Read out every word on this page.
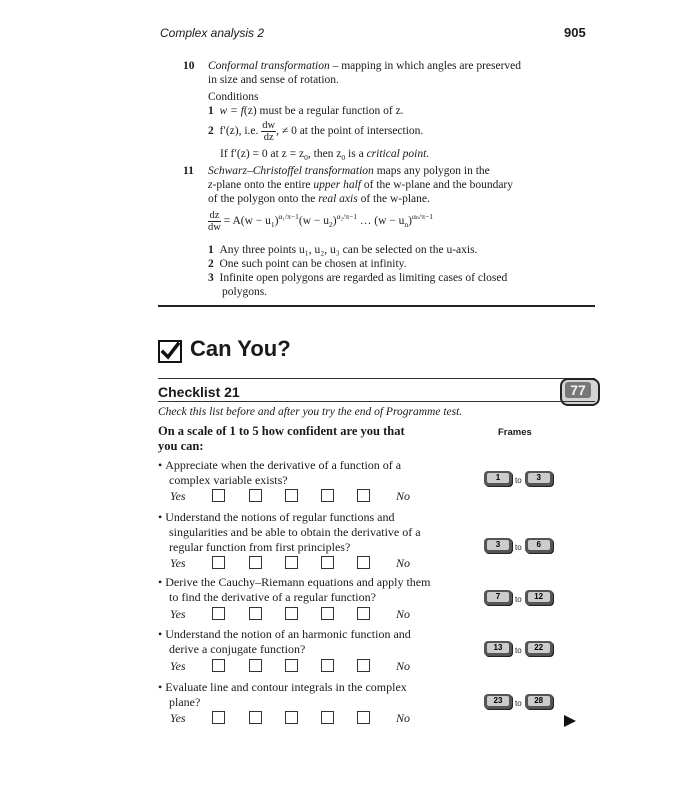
Complex analysis 2	905
10 Conformal transformation – mapping in which angles are preserved
in size and sense of rotation.
Conditions
1 w = f(z) must be a regular function of z.
2 f′(z), i.e. $\frac{dw}{dz}$ , ≠ 0 at the point of intersection.
If f′(z) = 0 at $z = z_0$, then $z_0$ is a critical point.
11 Schwarz–Christoffel transformation maps any polygon in the
z-plane onto the entire upper half of the w-plane and the boundary
of the polygon onto the real axis of the w-plane.
$\frac{dz}{dw} = A(w - u_1)^{\alpha_1/\pi-1}(w - u_2)^{\alpha_2/\pi-1}$ … $(w - u_n)^{\alpha_n/\pi-1}$
1 Any three points u₁, u₂, u₃ can be selected on the u-axis.
2 One such point can be chosen at infinity.
3 Infinite open polygons are regarded as limiting cases of closed
polygons.
Can You?
Checklist 21	77
Check this list before and after you try the end of Programme test.
On a scale of 1 to 5 how confident are you that
you can:
Frames
• Appreciate when the derivative of a function of a
complex variable exists?	1	to	3
Yes	No
• Understand the notions of regular functions and
singularities and be able to obtain the derivative of a
regular function from first principles?	3	to	6
Yes	No
• Derive the Cauchy–Riemann equations and apply them
to find the derivative of a regular function?	7	to	12
Yes	No
• Understand the notion of an harmonic function and
derive a conjugate function?	13	to	22
Yes	No
• Evaluate line and contour integrals in the complex
plane?	23	to	28
Yes	No
